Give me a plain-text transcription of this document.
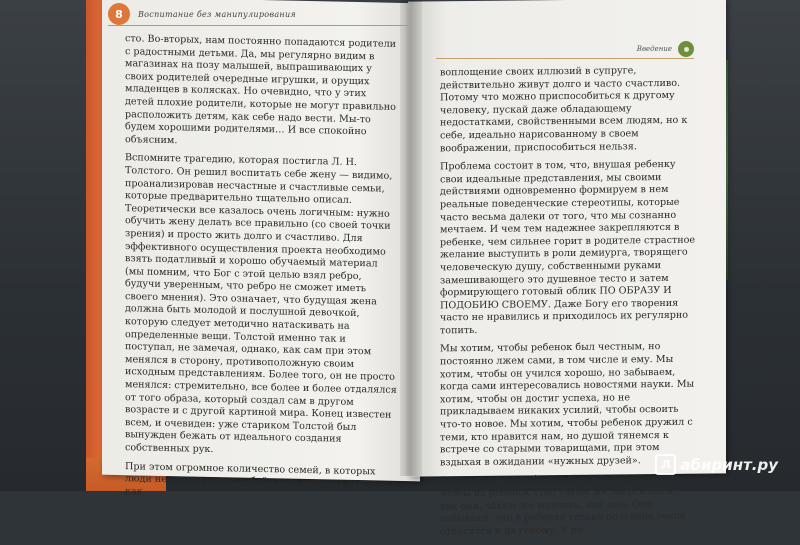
8	Воспитание без манипулирования
Введение

сто. Во-вторых, нам постоянно попадаются родители с радостными детьми. Да, мы регулярно видим в магазинах на позу малышей, выпрашивающих у своих родителей очередные игрушки, и орущих младенцев в колясках. Но очевидно, что у этих детей плохие родители, которые не могут правильно расположить детям, как себе надо вести. Мы-то будем хорошими родителями… И все спокойно объясним.

Вспомните трагедию, которая постигла Л. Н. Толстого. Он решил воспитать себе жену — видимо, проанализировав несчастные и счастливые семьи, которые предварительно тщательно описал. Теоретически все казалось очень логичным: нужно обучить жену делать все правильно (со своей точки зрения) и просто жить долго и счастливо. Для эффективного осуществления проекта необходимо взять податливый и хорошо обучаемый материал (мы помним, что Бог с этой целью взял ребро, будучи уверенным, что ребро не сможет иметь своего мнения). Это означает, что будущая жена должна быть молодой и послушной девочкой, которую следует методично натаскивать на определенные вещи. Толстой именно так и поступал, не замечая, однако, как сам при этом менялся в сторону, противоположную своим исходным представлениям. Более того, он не просто менялся: стремительно, все более и более отдалялся от того образа, который создал сам в другом возрасте и с другой картиной мира. Конец известен всем, и очевиден: уже стариком Толстой был вынужден бежать от идеального создания собственных рук.

При этом огромное количество семей, в которых люди не ставят перед собой столь высоких задач, как

воплощение своих иллюзий в супруге, действительно живут долго и часто счастливо. Потому что можно приспособиться к другому человеку, пускай даже обладающему недостатками, свойственными всем людям, но к себе, идеально нарисованному в своем воображении, приспособиться нельзя.

Проблема состоит в том, что, внушая ребенку свои идеальные представления, мы своими действиями одновременно формируем в нем реальные поведенческие стереотипы, которые часто весьма далеки от того, что мы сознанно мечтаем. И чем тем надежнее закрепляются в ребенке, чем сильнее горит в родителе страстное желание выступить в роли демиурга, творящего человеческую душу, собственными руками замешивающего это душевное тесто и затем формирующего готовый облик ПО ОБРАЗУ И ПОДОБИЮ СВОЕМУ. Даже Богу его творения часто не нравились и приходилось их регулярно топить.

Мы хотим, чтобы ребенок был честным, но постоянно лжем сами, в том числе и ему. Мы хотим, чтобы он учился хорошо, но забываем, когда сами интересовались новостями науки. Мы хотим, чтобы он достиг успеха, но не прикладываем никаких усилий, чтобы освоить что-то новое. Мы хотим, чтобы ребенок дружил с теми, кто нравится нам, но душой тянемся к встрече со старыми товарищами, при этом вздыхая в ожидании «нужных друзей».

Есть и вторая проблема. Часто родители хотят, чтобы их ребенок стал таким же энергичным, как они, таким же волевым, как они. Они забывают, что в ребенке только половина генов относится к их геному. У ре-

Л абиринт.ру
